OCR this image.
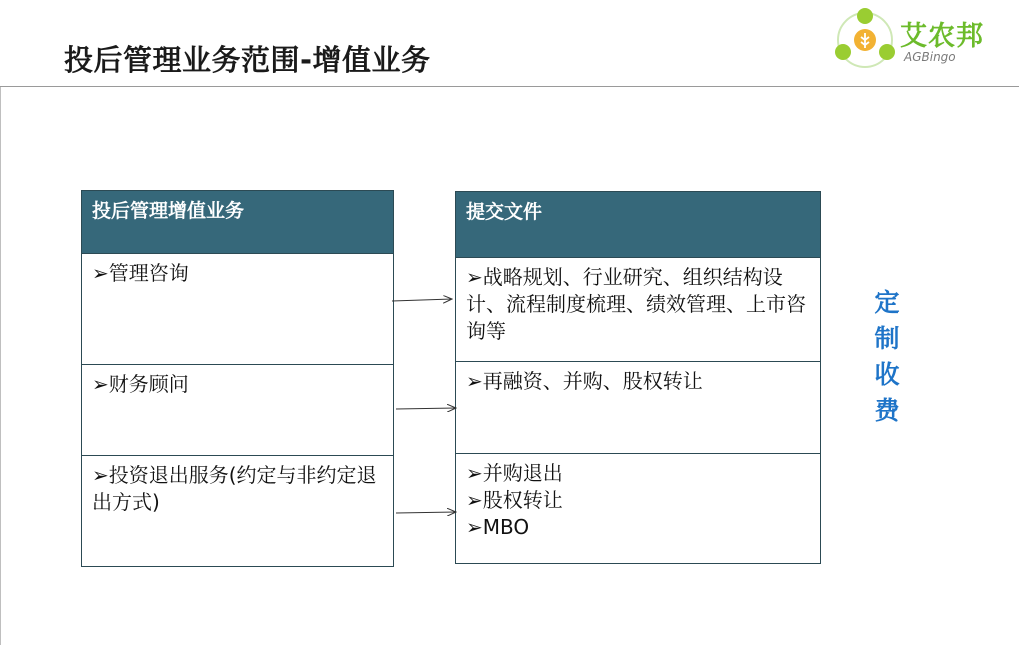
投后管理业务范围-增值业务
艾农邦
AGBingo
投后管理增值业务
➢管理咨询
➢财务顾问
➢投资退出服务(约定与非约定退出方式)
提交文件
➢战略规划、行业研究、组织结构设计、流程制度梳理、绩效管理、上市咨询等
➢再融资、并购、股权转让
➢并购退出
➢股权转让
➢MBO
定制收费
